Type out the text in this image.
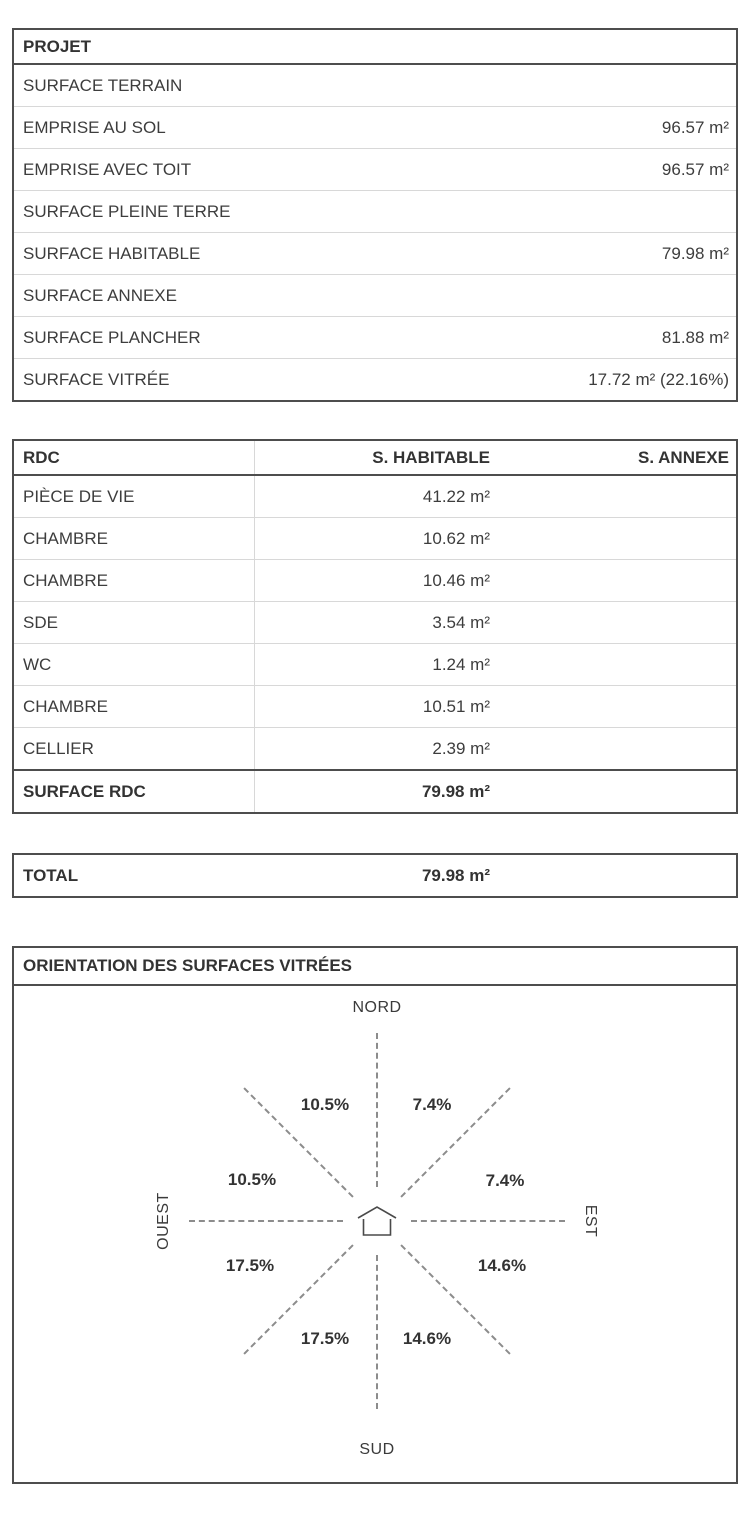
PROJET	
SURFACE TERRAIN	
EMPRISE AU SOL	96.57 m²
EMPRISE AVEC TOIT	96.57 m²
SURFACE PLEINE TERRE	
SURFACE HABITABLE	79.98 m²
SURFACE ANNEXE	
SURFACE PLANCHER	81.88 m²
SURFACE VITRÉE	17.72 m² (22.16%)
RDC	S. HABITABLE	S. ANNEXE
PIÈCE DE VIE	41.22 m²	
CHAMBRE	10.62 m²	
CHAMBRE	10.46 m²	
SDE	3.54 m²	
WC	1.24 m²	
CHAMBRE	10.51 m²	
CELLIER	2.39 m²	
SURFACE RDC	79.98 m²	
TOTAL	79.98 m²	
ORIENTATION DES SURFACES VITRÉES
NORD
SUD
OUEST	EST
10.5%	7.4%
10.5%	7.4%
17.5%	14.6%
17.5%	14.6%
